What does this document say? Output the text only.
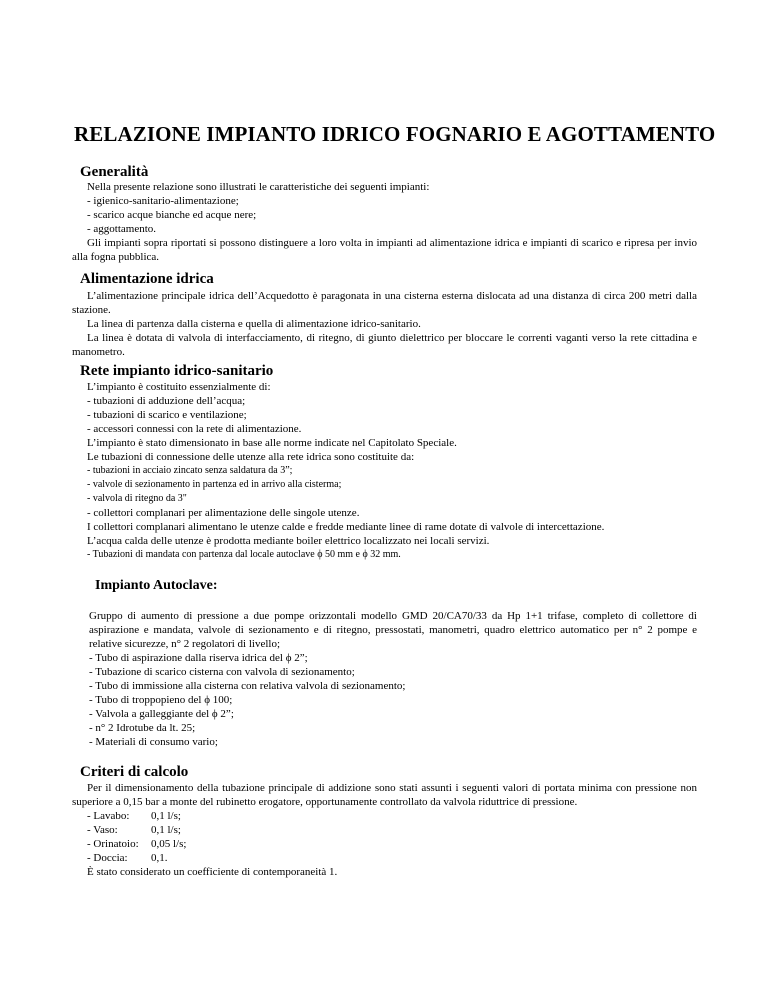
RELAZIONE IMPIANTO IDRICO FOGNARIO E AGOTTAMENTO
Generalità
Nella presente relazione sono illustrati le caratteristiche dei seguenti impianti:
- igienico-sanitario-alimentazione;
- scarico acque bianche ed acque nere;
- aggottamento.
Gli impianti sopra riportati si possono distinguere a loro volta in impianti ad alimentazione idrica e impianti di scarico e ripresa per invio alla fogna pubblica.
Alimentazione idrica
L’alimentazione principale idrica dell’Acquedotto è paragonata in una cisterna esterna dislocata ad una distanza di circa 200 metri dalla stazione.
La linea di partenza dalla cisterna e quella di alimentazione idrico-sanitario.
La linea è dotata di valvola di interfacciamento, di ritegno, di giunto dielettrico per bloccare le correnti vaganti verso la rete cittadina e manometro.
Rete impianto idrico-sanitario
L’impianto è costituito essenzialmente di:
- tubazioni di adduzione dell’acqua;
- tubazioni di scarico e ventilazione;
- accessori connessi con la rete di alimentazione.
L’impianto è stato dimensionato in base alle norme indicate nel Capitolato Speciale.
Le tubazioni di connessione delle utenze alla rete idrica sono costituite da:
- tubazioni in acciaio zincato senza saldatura da 3”;
- valvole di sezionamento in partenza ed in arrivo alla cisterma;
- valvola di ritegno da 3"
- collettori complanari per alimentazione delle singole utenze.
I collettori complanari alimentano le utenze calde e fredde mediante linee di rame dotate di valvole di intercettazione.
L’acqua calda delle utenze è prodotta mediante boiler elettrico localizzato nei locali servizi.
- Tubazioni di mandata con partenza dal locale autoclave ϕ 50 mm e ϕ 32 mm.
Impianto Autoclave:
Gruppo di aumento di pressione a due pompe orizzontali modello GMD 20/CA70/33 da Hp 1+1 trifase, completo di collettore di aspirazione e mandata, valvole di sezionamento e di ritegno, pressostati, manometri, quadro elettrico automatico per n° 2 pompe e relative sicurezze, n° 2 regolatori di livello;
- Tubo di aspirazione dalla riserva idrica del ϕ 2”;
- Tubazione di scarico cisterna con valvola di sezionamento;
- Tubo di immissione alla cisterna con relativa valvola di sezionamento;
- Tubo di troppopieno del ϕ 100;
- Valvola a galleggiante del ϕ 2”;
- n° 2 Idrotube da lt. 25;
- Materiali di consumo vario;
Criteri di calcolo
Per il dimensionamento della tubazione principale di addizione sono stati assunti i seguenti valori di portata minima con pressione non superiore a 0,15 bar a monte del rubinetto erogatore, opportunamente controllato da valvola riduttrice di pressione.
- Lavabo: 0,1 l/s;
- Vaso:	0,1 l/s;
- Orinatoio: 0,05 l/s;
- Doccia: 0,1.
È stato considerato un coefficiente di contemporaneità 1.
